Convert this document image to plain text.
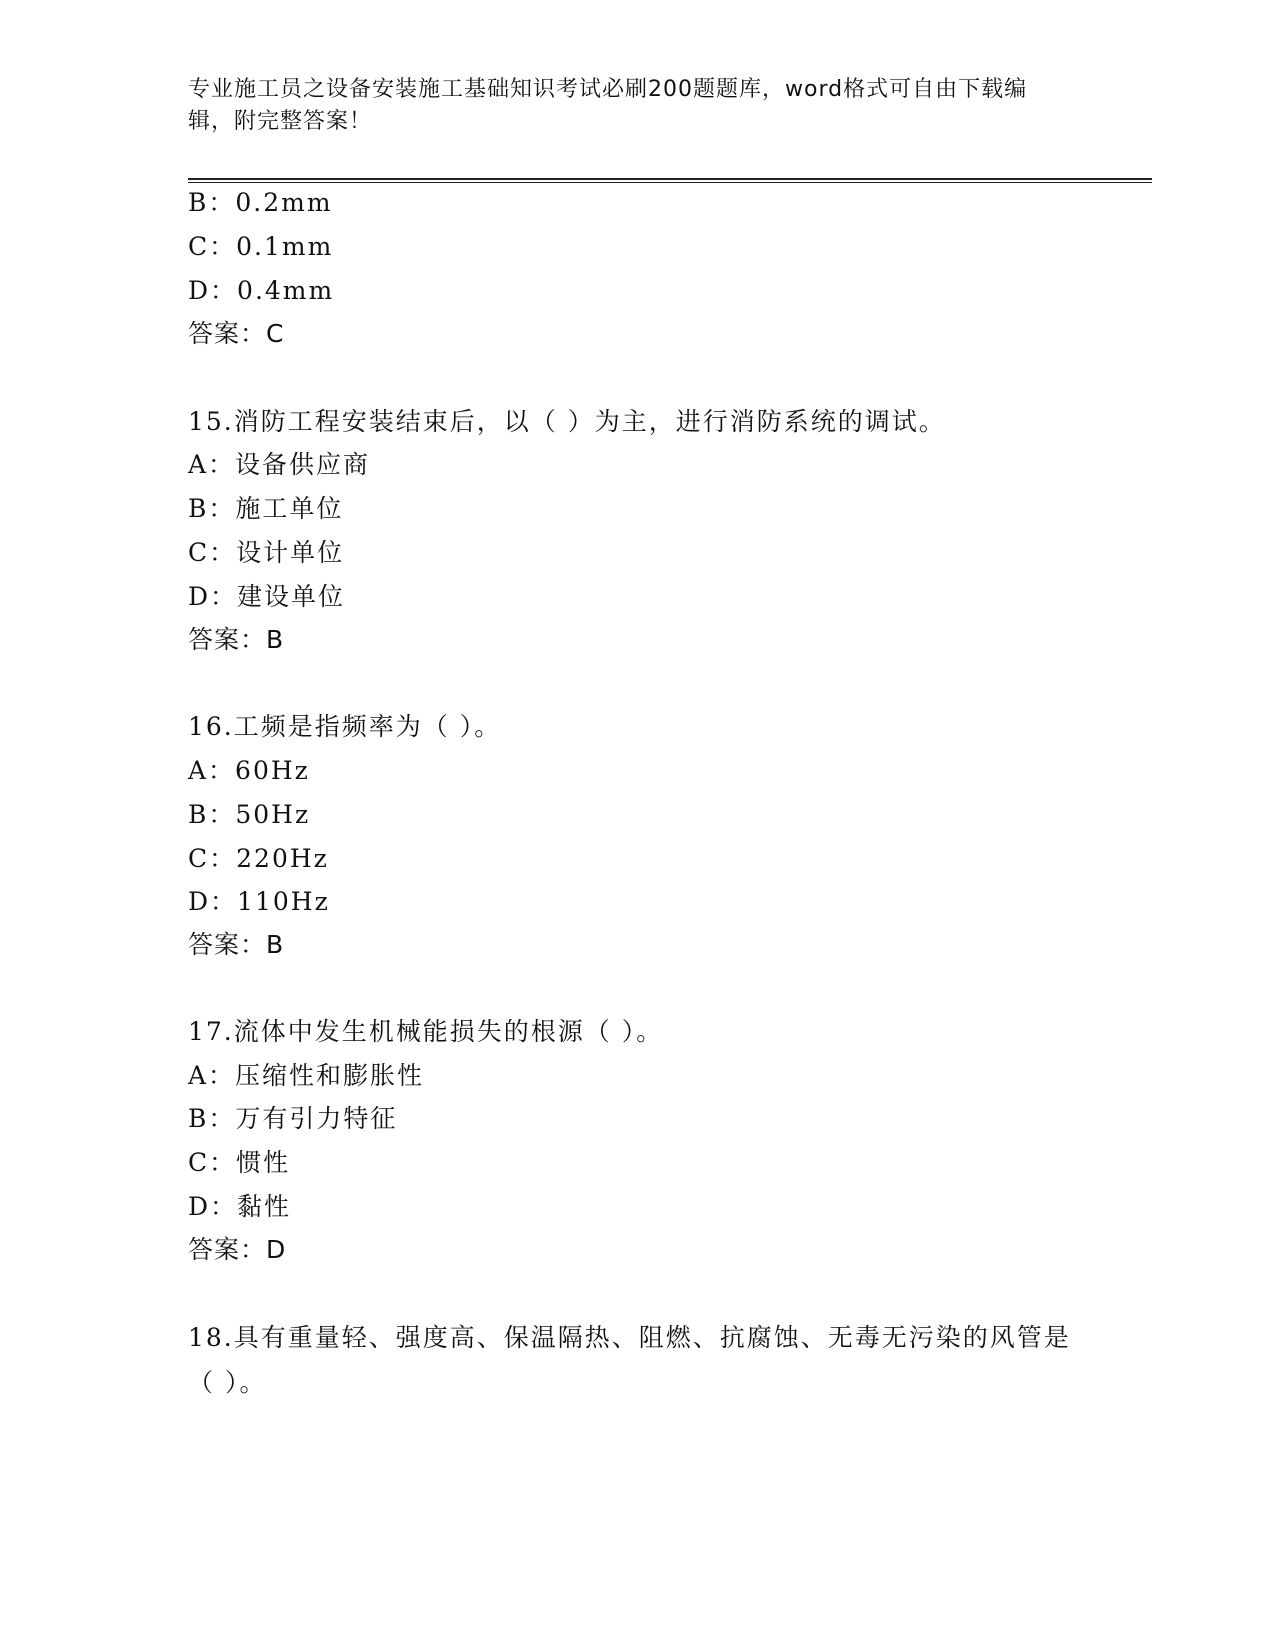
专业施工员之设备安装施工基础知识考试必刷200题题库，word格式可自由下载编辑，附完整答案！
B：0.2mm
C：0.1mm
D：0.4mm
答案：C
15.消防工程安装结束后，以（ ）为主，进行消防系统的调试。
A：设备供应商
B：施工单位
C：设计单位
D：建设单位
答案：B
16.工频是指频率为（ ）。
A：60Hz
B：50Hz
C：220Hz
D：110Hz
答案：B
17.流体中发生机械能损失的根源（ ）。
A：压缩性和膨胀性
B：万有引力特征
C：惯性
D：黏性
答案：D
18.具有重量轻、强度高、保温隔热、阻燃、抗腐蚀、无毒无污染的风管是（ ）。
